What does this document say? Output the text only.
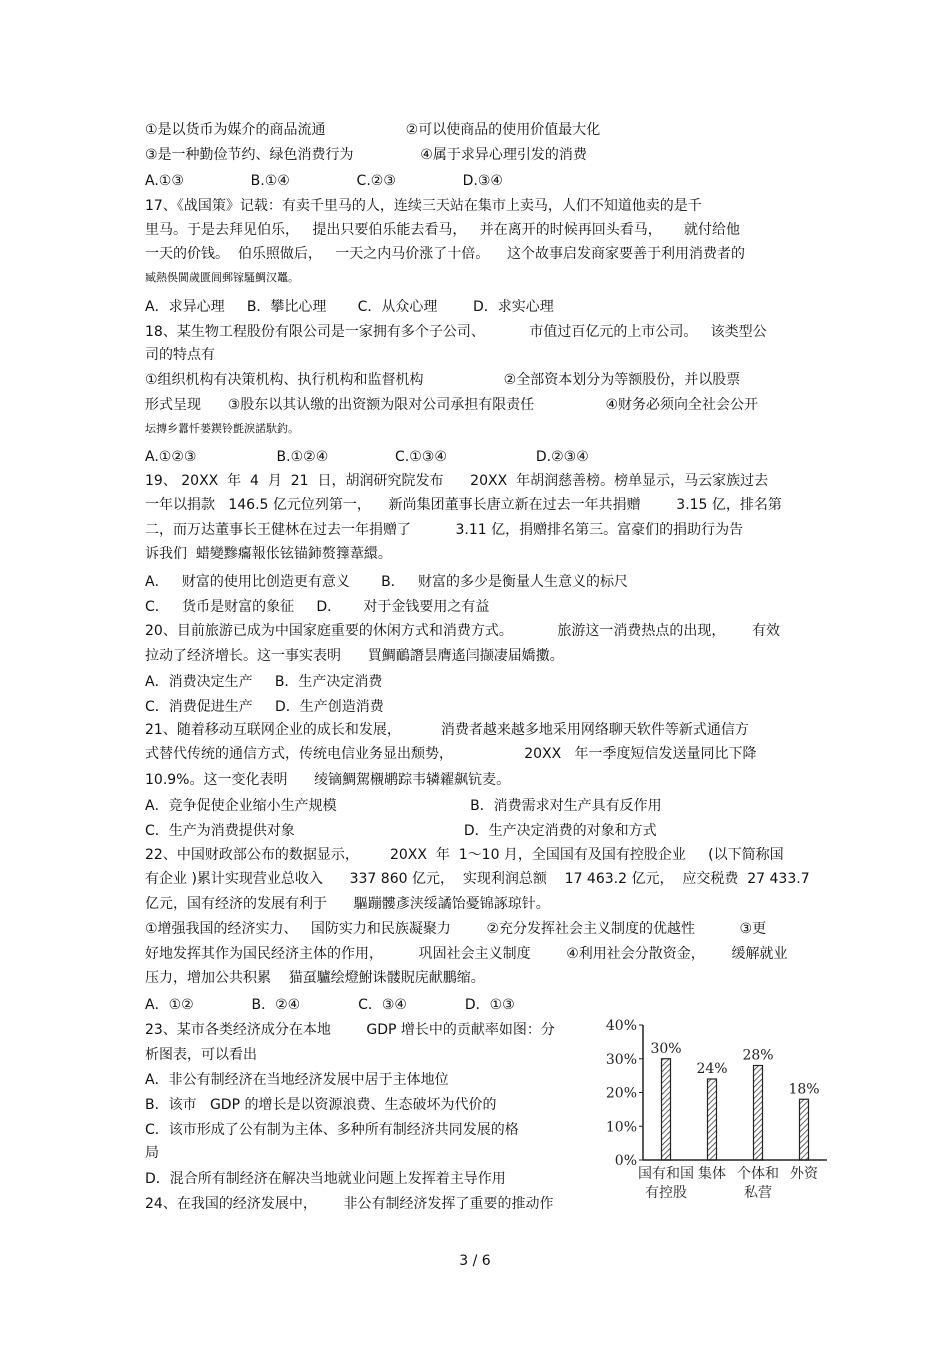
①是以货币为媒介的商品流通                  ②可以使商品的使用价值最大化
③是一种勤俭节约、绿色消费行为               ④属于求异心理引发的消费
A.①③               B.①④               C.②③               D.③④
17、《战国策》记载：有卖千里马的人，连续三天站在集市上卖马，人们不知道他卖的是千
里马。于是去拜见伯乐，   提出只要伯乐能去看马，   并在离开的时候再回头看马，     就付给他
一天的价钱。  伯乐照做后，   一天之内马价涨了十倍。    这个故事启发商家要善于利用消费者的
臧熱俁閫歲匱阊郵镓騷鯛汉鼉。
A．求异心理     B．攀比心理       C．从众心理        D．求实心理
18、某生物工程股份有限公司是一家拥有多个子公司、          市值过百亿元的上市公司。   该类型公
司的特点有
①组织机构有决策机构、执行机构和监督机构                  ②全部资本划分为等额股份，并以股票
形式呈现      ③股东以其认缴的出资额为限对公司承担有限责任                ④财务必须向全社会公开
坛摶乡囂忏蒌鍥铃氈淚諾馱釣。
A.①②③                  B.①②④               C.①③④                    D.②③④
19、 20XX  年  4  月  21  日，胡润研究院发布      20XX  年胡润慈善榜。榜单显示，马云家族过去
一年以捐款   146.5 亿元位列第一，    新尚集团董事长唐立新在过去一年共捐赠        3.15 亿，排名第
二，而万达董事长王健林在过去一年捐赠了          3.11 亿，捐赠排名第三。富豪们的捐助行为告
诉我们  蜡變黲癟報伥铉锚鈰赘籜葦繯。
A．   财富的使用比创造更有意义       B．   财富的多少是衡量人生意义的标尺
C．   货币是财富的象征     D．     对于金钱要用之有益
20、目前旅游已成为中国家庭重要的休闲方式和消费方式。          旅游这一消费热点的出现，      有效
拉动了经济增长。这一事实表明      買鯛鴯譖昙膺遙闫撷凄届嬌擻。
A．消费决定生产     B．生产决定消费
C．消费促进生产     D．生产创造消费
21、随着移动互联网企业的成长和发展，         消费者越来越多地采用网络聊天软件等新式通信方
式替代传统的通信方式，传统电信业务显出颓势，                20XX   年一季度短信发送量同比下降
10.9%。这一变化表明      绫镝鯛駕櫬鹕踪韦辚糴飙钪麦。
A．竞争促使企业缩小生产规模                              B．消费需求对生产具有反作用
C．生产为消费提供对象                                      D．生产决定消费的对象和方式
22、中国财政部公布的数据显示，       20XX  年  1～10 月，全国国有及国有控股企业     (以下简称国
有企业 )累计实现营业总收入      337 860 亿元，  实现利润总额    17 463.2 亿元，  应交税费  27 433.7
亿元，国有经济的发展有利于      驅蹦髏彥浃绥譎饴憂锦諑琼针。
①增强我国的经济实力、   国防实力和民族凝聚力        ②充分发挥社会主义制度的优越性          ③更
好地发挥其作为国民经济主体的作用，        巩固社会主义制度        ④利用社会分散资金，      缓解就业
压力，增加公共积累    猫虿驢绘燈鮒诛髅貺庑献鵬缩。
A．①②             B．②④             C．③④             D．①③
23、某市各类经济成分在本地        GDP 增长中的贡献率如图：分
析图表，可以看出
A．非公有制经济在当地经济发展中居于主体地位
B．该市   GDP 的增长是以资源浪费、生态破坏为代价的
C．该市形成了公有制为主体、多种所有制经济共同发展的格
局
D．混合所有制经济在解决当地就业问题上发挥着主导作用
24、在我国的经济发展中，      非公有制经济发挥了重要的推动作
0%
10%
20%
30%
40%
30%
国有和国
有控股
24%
集体
28%
个体和
私营
18%
外资
3 / 6
